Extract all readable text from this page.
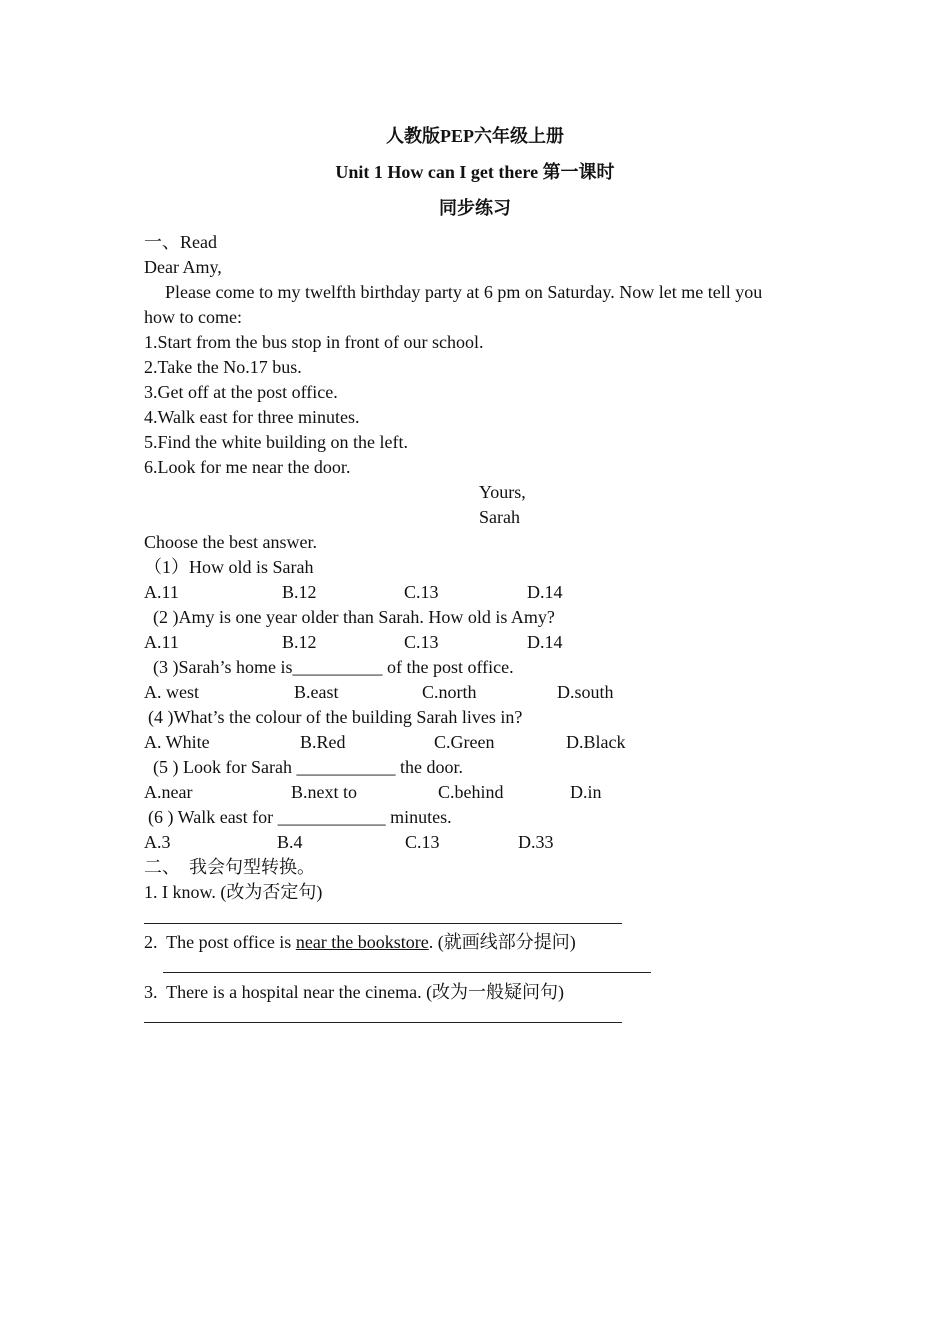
人教版PEP六年级上册
Unit 1 How can I get there 第一课时
同步练习
一、Read
Dear Amy,
Please come to my twelfth birthday party at 6 pm on Saturday. Now let me tell you
how to come:
1.Start from the bus stop in front of our school.
2.Take the No.17 bus.
3.Get off at the post office.
4.Walk east for three minutes.
5.Find the white building on the left.
6.Look for me near the door.
Yours,
Sarah
Choose the best answer.
（1）How old is Sarah
A.11	B.12	C.13	D.14
(2 )Amy is one year older than Sarah. How old is Amy?
A.11	B.12	C.13	D.14
(3 )Sarah’s home is__________ of the post office.
A. west	B.east	C.north	D.south
(4 )What’s the colour of the building Sarah lives in?
A. White	B.Red	C.Green	D.Black
(5 ) Look for Sarah ___________ the door.
A.near	B.next to	C.behind	D.in
(6 ) Walk east for ____________ minutes.
A.3	B.4	C.13	D.33
二、　我会句型转换。
1. I know. (改为否定句)
2.  The post office is near the bookstore. (就画线部分提问)
3.  There is a hospital near the cinema. (改为一般疑问句)
